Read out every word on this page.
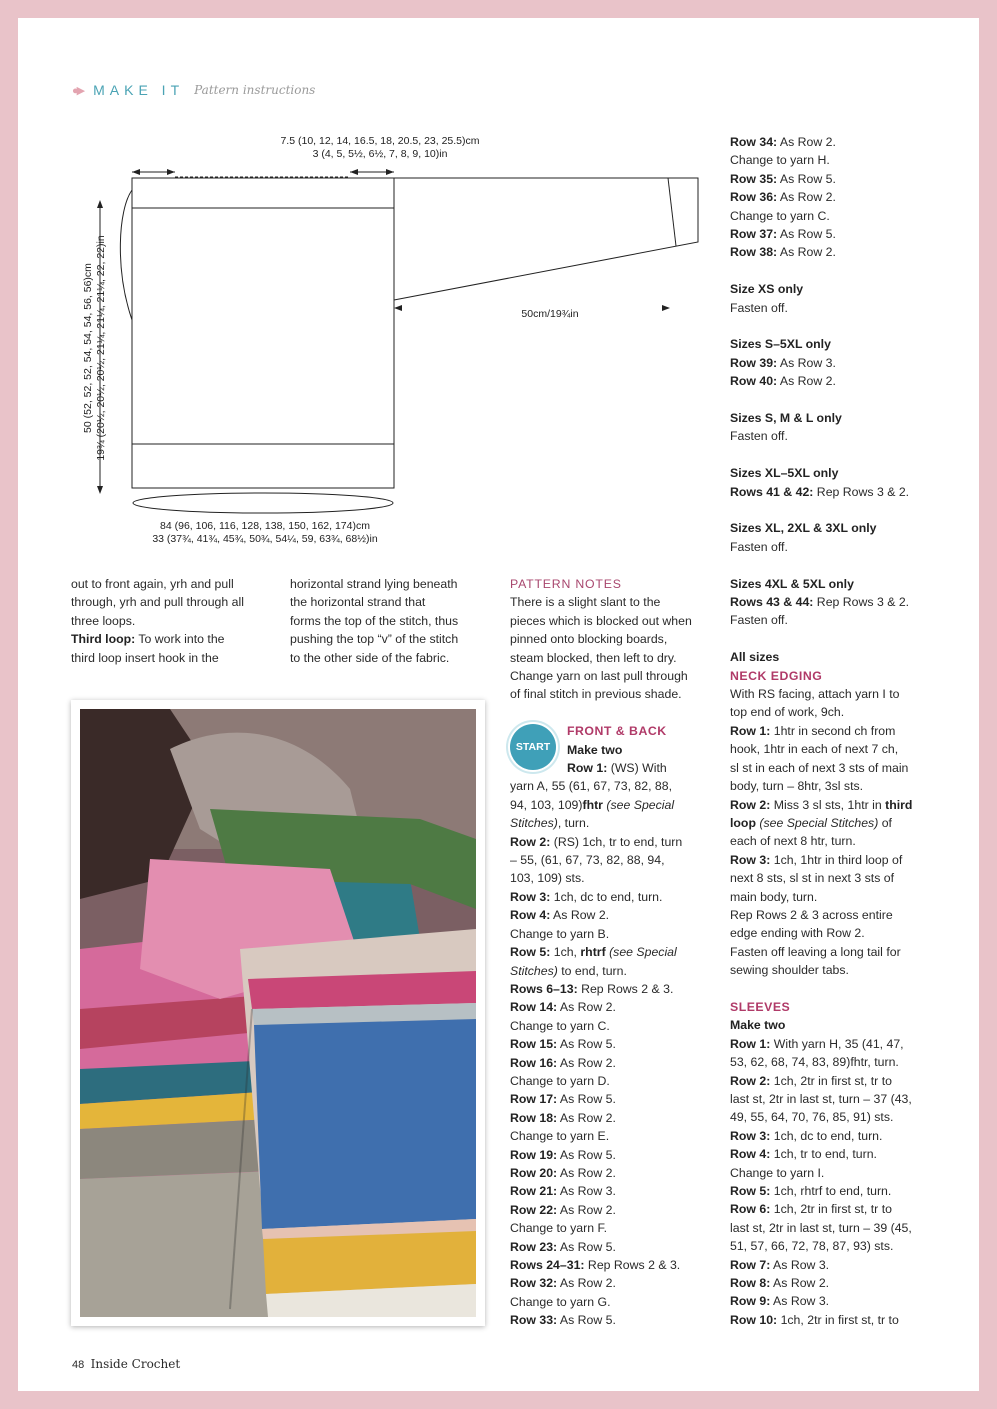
●▶ MAKE IT Pattern instructions
7.5 (10, 12, 14, 16.5, 18, 20.5, 23, 25.5)cm
3 (4, 5, 5½, 6½, 7, 8, 9, 10)in
50 (52, 52, 52, 54, 54, 54, 56, 56)cm 19¾ (20½, 20½, 20½, 21¼, 21¼, 21¼, 22, 22)in	50cm/19¾in
84 (96, 106, 116, 128, 138, 150, 162, 174)cm
33 (37¾, 41¾, 45¾, 50¾, 54¼, 59, 63¾, 68½)in

out to front again, yrh and pull

through, yrh and pull through all

three loops.

Third loop: To work into the

third loop insert hook in the

horizontal strand lying beneath

the horizontal strand that

forms the top of the stitch, thus

pushing the top “v” of the stitch

to the other side of the fabric.

PATTERN NOTES

There is a slight slant to the

pieces which is blocked out when

pinned onto blocking boards,

steam blocked, then left to dry.

Change yarn on last pull through

of final stitch in previous shade.

START

FRONT & BACK

Make two

Row 1: (WS) With

yarn A, 55 (61, 67, 73, 82, 88,

94, 103, 109)fhtr (see Special

Stitches), turn.

Row 2: (RS) 1ch, tr to end, turn

– 55, (61, 67, 73, 82, 88, 94,

103, 109) sts.

Row 3: 1ch, dc to end, turn.

Row 4: As Row 2.

Change to yarn B.

Row 5: 1ch, rhtrf (see Special

Stitches) to end, turn.

Rows 6–13: Rep Rows 2 & 3.

Row 14: As Row 2.

Change to yarn C.

Row 15: As Row 5.

Row 16: As Row 2.

Change to yarn D.

Row 17: As Row 5.

Row 18: As Row 2.

Change to yarn E.

Row 19: As Row 5.

Row 20: As Row 2.

Row 21: As Row 3.

Row 22: As Row 2.

Change to yarn F.

Row 23: As Row 5.

Rows 24–31: Rep Rows 2 & 3.

Row 32: As Row 2.

Change to yarn G.

Row 33: As Row 5.

Row 34: As Row 2.

Change to yarn H.

Row 35: As Row 5.

Row 36: As Row 2.

Change to yarn C.

Row 37: As Row 5.

Row 38: As Row 2.

Size XS only

Fasten off.

Sizes S–5XL only

Row 39: As Row 3.

Row 40: As Row 2.

Sizes S, M & L only

Fasten off.

Sizes XL–5XL only

Rows 41 & 42: Rep Rows 3 & 2.

Sizes XL, 2XL & 3XL only

Fasten off.

Sizes 4XL & 5XL only

Rows 43 & 44: Rep Rows 3 & 2.

Fasten off.

All sizes

NECK EDGING

With RS facing, attach yarn I to

top end of work, 9ch.

Row 1: 1htr in second ch from

hook, 1htr in each of next 7 ch,

sl st in each of next 3 sts of main

body, turn – 8htr, 3sl sts.

Row 2: Miss 3 sl sts, 1htr in third

loop (see Special Stitches) of

each of next 8 htr, turn.

Row 3: 1ch, 1htr in third loop of

next 8 sts, sl st in next 3 sts of

main body, turn.

Rep Rows 2 & 3 across entire

edge ending with Row 2.

Fasten off leaving a long tail for

sewing shoulder tabs.

SLEEVES

Make two

Row 1: With yarn H, 35 (41, 47,

53, 62, 68, 74, 83, 89)fhtr, turn.

Row 2: 1ch, 2tr in first st, tr to

last st, 2tr in last st, turn – 37 (43,

49, 55, 64, 70, 76, 85, 91) sts.

Row 3: 1ch, dc to end, turn.

Row 4: 1ch, tr to end, turn.

Change to yarn I.

Row 5: 1ch, rhtrf to end, turn.

Row 6: 1ch, 2tr in first st, tr to

last st, 2tr in last st, turn – 39 (45,

51, 57, 66, 72, 78, 87, 93) sts.

Row 7: As Row 3.

Row 8: As Row 2.

Row 9: As Row 3.

Row 10: 1ch, 2tr in first st, tr to

48 Inside Crochet
